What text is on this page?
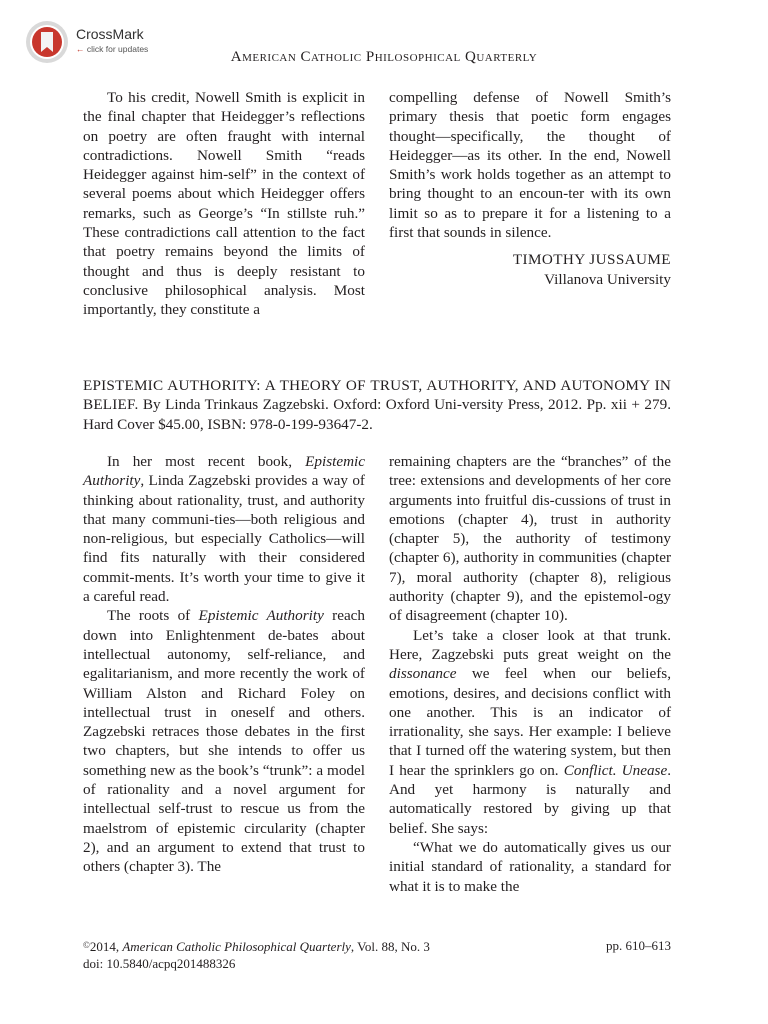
CrossMark
← click for updates	American Catholic Philosophical Quarterly

To his credit, Nowell Smith is explicit in the final chapter that Heidegger’s reflections on poetry are often fraught with internal contradictions. Nowell Smith “reads Heidegger against him-self” in the context of several poems about which Heidegger offers remarks, such as George’s “In stillste ruh.” These contradictions call attention to the fact that poetry remains beyond the limits of thought and thus is deeply resistant to conclusive philosophical analysis. Most importantly, they constitute a

compelling defense of Nowell Smith’s primary thesis that poetic form engages thought—specifically, the thought of Heidegger—as its other. In the end, Nowell Smith’s work holds together as an attempt to bring thought to an encoun-ter with its own limit so as to prepare it for a listening to a first that sounds in silence.

TIMOTHY JUSSAUME

Villanova University

EPISTEMIC AUTHORITY: A THEORY OF TRUST, AUTHORITY, AND AUTONOMY IN BELIEF. By Linda Trinkaus Zagzebski. Oxford: Oxford Uni-versity Press, 2012. Pp. xii + 279. Hard Cover $45.00, ISBN: 978-0-199-93647-2.

In her most recent book, Epistemic Authority, Linda Zagzebski provides a way of thinking about rationality, trust, and authority that many communi-ties—both religious and non-religious, but especially Catholics—will find fits naturally with their considered commit-ments. It’s worth your time to give it a careful read.

The roots of Epistemic Authority reach down into Enlightenment de-bates about intellectual autonomy, self-reliance, and egalitarianism, and more recently the work of William Alston and Richard Foley on intellectual trust in oneself and others. Zagzebski retraces those debates in the first two chapters, but she intends to offer us something new as the book’s “trunk”: a model of rationality and a novel argument for intellectual self-trust to rescue us from the maelstrom of epistemic circularity (chapter 2), and an argument to extend that trust to others (chapter 3). The

remaining chapters are the “branches” of the tree: extensions and developments of her core arguments into fruitful dis-cussions of trust in emotions (chapter 4), trust in authority (chapter 5), the authority of testimony (chapter 6), authority in communities (chapter 7), moral authority (chapter 8), religious authority (chapter 9), and the epistemol-ogy of disagreement (chapter 10).

Let’s take a closer look at that trunk. Here, Zagzebski puts great weight on the dissonance we feel when our beliefs, emotions, desires, and decisions conflict with one another. This is an indicator of irrationality, she says. Her example: I believe that I turned off the watering system, but then I hear the sprinklers go on. Conflict. Unease. And yet harmony is naturally and automatically restored by giving up that belief. She says:

“What we do automatically gives us our initial standard of rationality, a standard for what it is to make the

©2014, American Catholic Philosophical Quarterly, Vol. 88, No. 3	pp. 610–613
doi: 10.5840/acpq201488326
